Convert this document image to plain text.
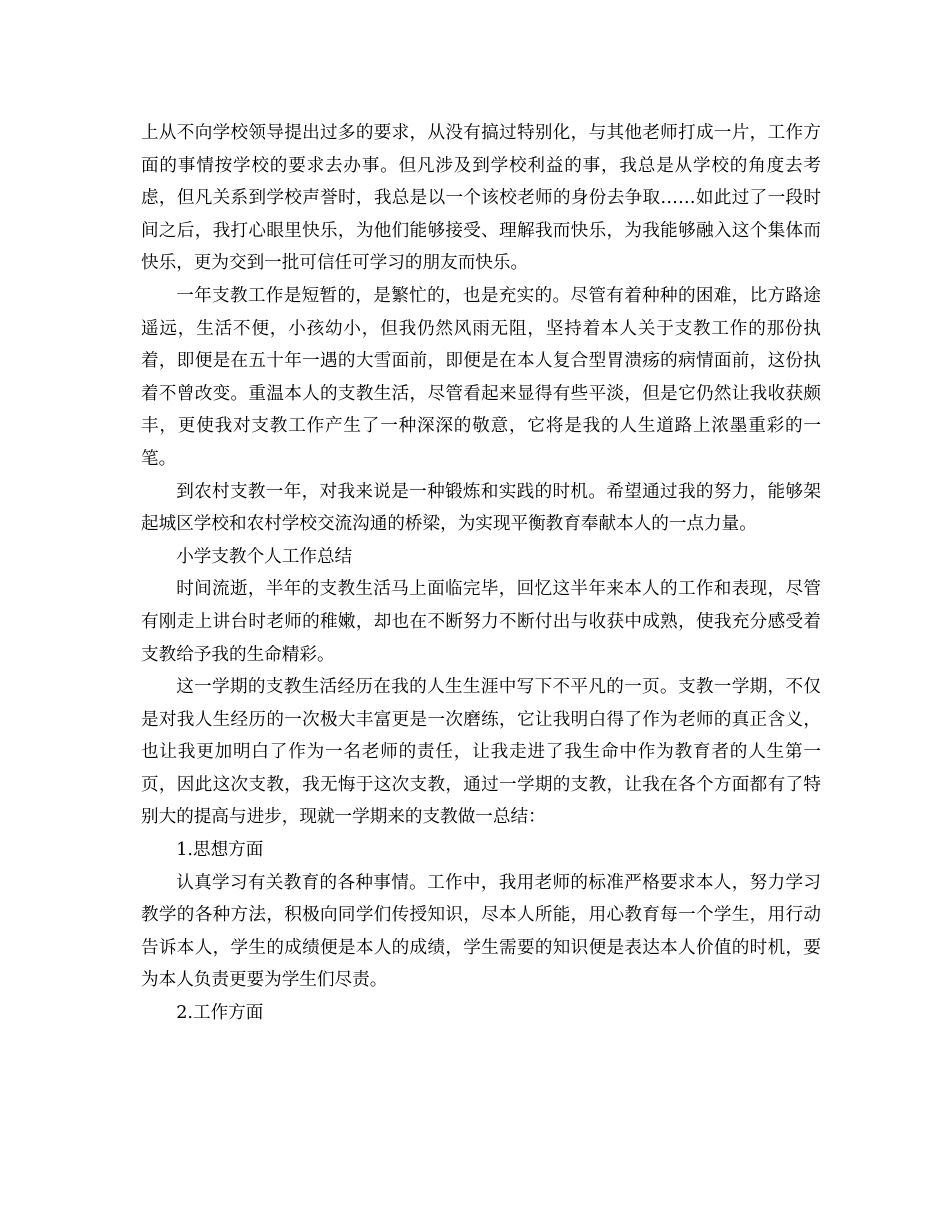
上从不向学校领导提出过多的要求，从没有搞过特别化，与其他老师打成一片，工作方面的事情按学校的要求去办事。但凡涉及到学校利益的事，我总是从学校的角度去考虑，但凡关系到学校声誉时，我总是以一个该校老师的身份去争取……如此过了一段时间之后，我打心眼里快乐，为他们能够接受、理解我而快乐，为我能够融入这个集体而快乐，更为交到一批可信任可学习的朋友而快乐。

一年支教工作是短暂的，是繁忙的，也是充实的。尽管有着种种的困难，比方路途遥远，生活不便，小孩幼小，但我仍然风雨无阻，坚持着本人关于支教工作的那份执着，即便是在五十年一遇的大雪面前，即便是在本人复合型胃溃疡的病情面前，这份执着不曾改变。重温本人的支教生活，尽管看起来显得有些平淡，但是它仍然让我收获颇丰，更使我对支教工作产生了一种深深的敬意，它将是我的人生道路上浓墨重彩的一笔。

到农村支教一年，对我来说是一种锻炼和实践的时机。希望通过我的努力，能够架起城区学校和农村学校交流沟通的桥梁，为实现平衡教育奉献本人的一点力量。

小学支教个人工作总结

时间流逝，半年的支教生活马上面临完毕，回忆这半年来本人的工作和表现，尽管有刚走上讲台时老师的稚嫩，却也在不断努力不断付出与收获中成熟，使我充分感受着支教给予我的生命精彩。

这一学期的支教生活经历在我的人生生涯中写下不平凡的一页。支教一学期，不仅是对我人生经历的一次极大丰富更是一次磨练，它让我明白得了作为老师的真正含义，也让我更加明白了作为一名老师的责任，让我走进了我生命中作为教育者的人生第一页，因此这次支教，我无悔于这次支教，通过一学期的支教，让我在各个方面都有了特别大的提高与进步，现就一学期来的支教做一总结：

1.思想方面

认真学习有关教育的各种事情。工作中，我用老师的标准严格要求本人，努力学习教学的各种方法，积极向同学们传授知识，尽本人所能，用心教育每一个学生，用行动告诉本人，学生的成绩便是本人的成绩，学生需要的知识便是表达本人价值的时机，要为本人负责更要为学生们尽责。

2.工作方面
